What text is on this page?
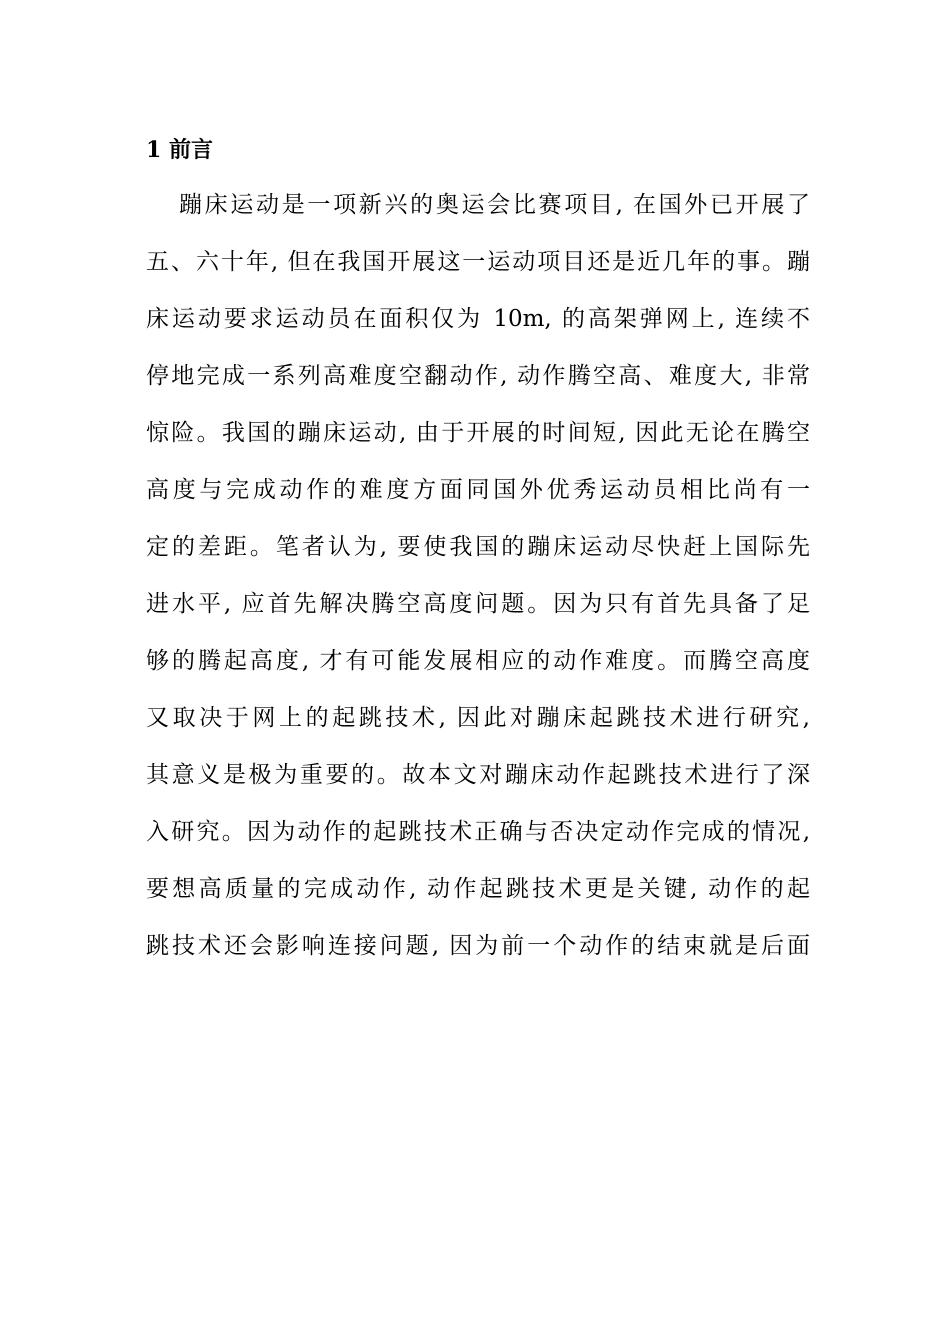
1 前言
蹦床运动是一项新兴的奥运会比赛项目, 在国外已开展了
五、六十年, 但在我国开展这一运动项目还是近几年的事。蹦
床运动要求运动员在面积仅为 10m, 的高架弹网上, 连续不
停地完成一系列高难度空翻动作, 动作腾空高、难度大, 非常
惊险。我国的蹦床运动, 由于开展的时间短, 因此无论在腾空
高度与完成动作的难度方面同国外优秀运动员相比尚有一
定的差距。笔者认为, 要使我国的蹦床运动尽快赶上国际先
进水平, 应首先解决腾空高度问题。因为只有首先具备了足
够的腾起高度, 才有可能发展相应的动作难度。而腾空高度
又取决于网上的起跳技术, 因此对蹦床起跳技术进行研究,
其意义是极为重要的。故本文对蹦床动作起跳技术进行了深
入研究。因为动作的起跳技术正确与否决定动作完成的情况,
要想高质量的完成动作, 动作起跳技术更是关键, 动作的起
跳技术还会影响连接问题, 因为前一个动作的结束就是后面
